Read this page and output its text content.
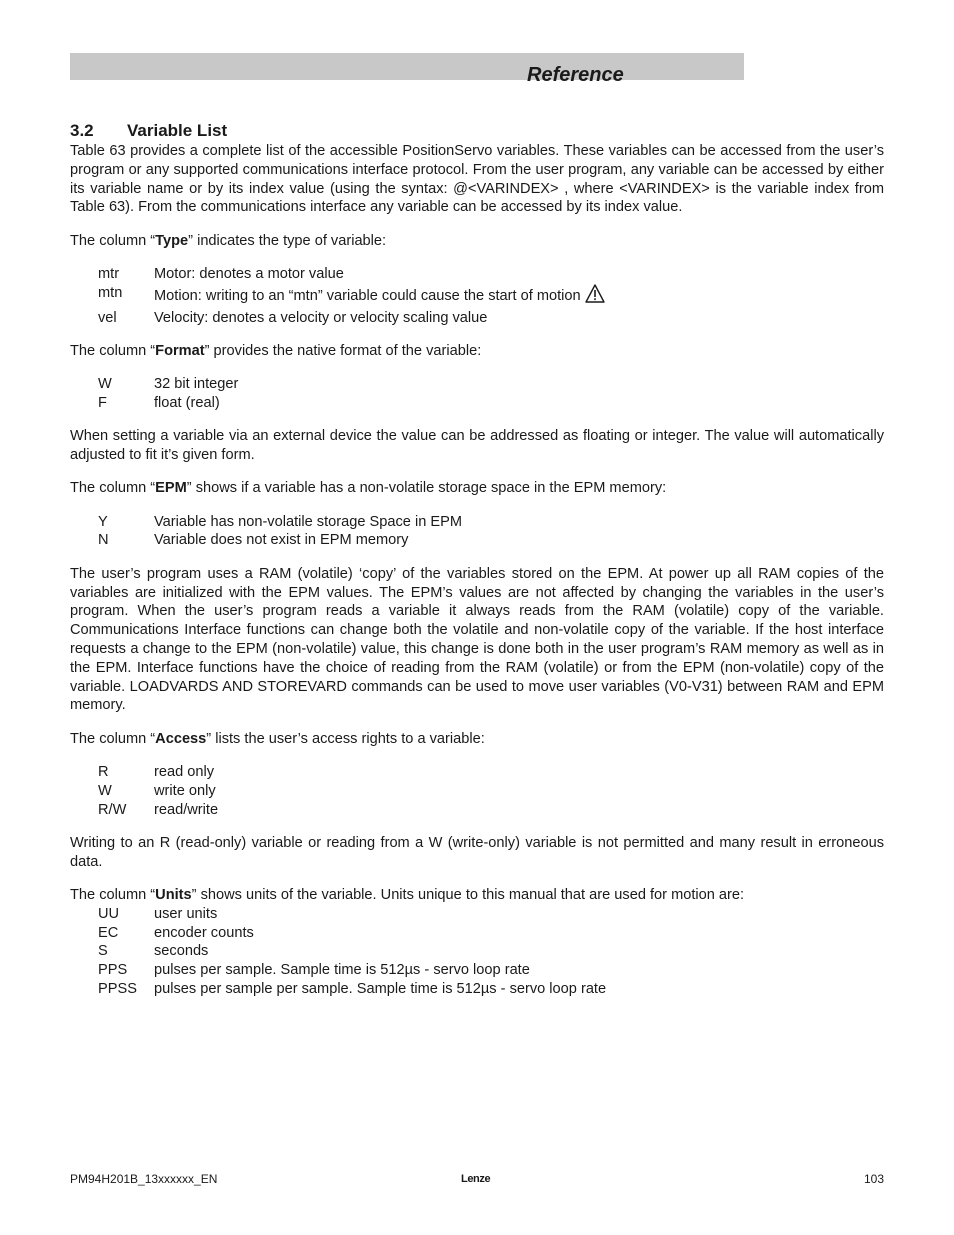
Reference
3.2 Variable List

Table 63 provides a complete list of the accessible PositionServo variables. These variables can be accessed from the user’s program or any supported communications interface protocol. From the user program, any variable can be accessed by either its variable name or by its index value (using the syntax: @<VARINDEX> , where <VARINDEX> is the variable index from Table 63). From the communications interface any variable can be accessed by its index value.

The column “Type” indicates the type of variable:

mtr	Motor: denotes a motor value
mtn	Motion: writing to an “mtn” variable could cause the start of motion
vel	Velocity: denotes a velocity or velocity scaling value

The column “Format” provides the native format of the variable:

W	32 bit integer
F	float (real)

When setting a variable via an external device the value can be addressed as floating or integer. The value will automatically adjusted to fit it’s given form.

The column “EPM” shows if a variable has a non-volatile storage space in the EPM memory:

Y	Variable has non-volatile storage Space in EPM
N	Variable does not exist in EPM memory

The user’s program uses a RAM (volatile) ‘copy’ of the variables stored on the EPM. At power up all RAM copies of the variables are initialized with the EPM values. The EPM’s values are not affected by changing the variables in the user’s program. When the user’s program reads a variable it always reads from the RAM (volatile) copy of the variable. Communications Interface functions can change both the volatile and non-volatile copy of the variable. If the host interface requests a change to the EPM (non-volatile) value, this change is done both in the user program’s RAM memory as well as in the EPM. Interface functions have the choice of reading from the RAM (volatile) or from the EPM (non-volatile) copy of the variable. LOADVARDS AND STOREVARD commands can be used to move user variables (V0-V31) between RAM and EPM memory.

The column “Access” lists the user’s access rights to a variable:

R	read only
W	write only
R/W	read/write

Writing to an R (read-only) variable or reading from a W (write-only) variable is not permitted and many result in erroneous data.

The column “Units” shows units of the variable. Units unique to this manual that are used for motion are:

UU	user units
EC	encoder counts
S	seconds
PPS	pulses per sample. Sample time is 512µs - servo loop rate
PPSS	pulses per sample per sample. Sample time is 512µs - servo loop rate
PM94H201B_13xxxxxx_EN	Lenze	103
